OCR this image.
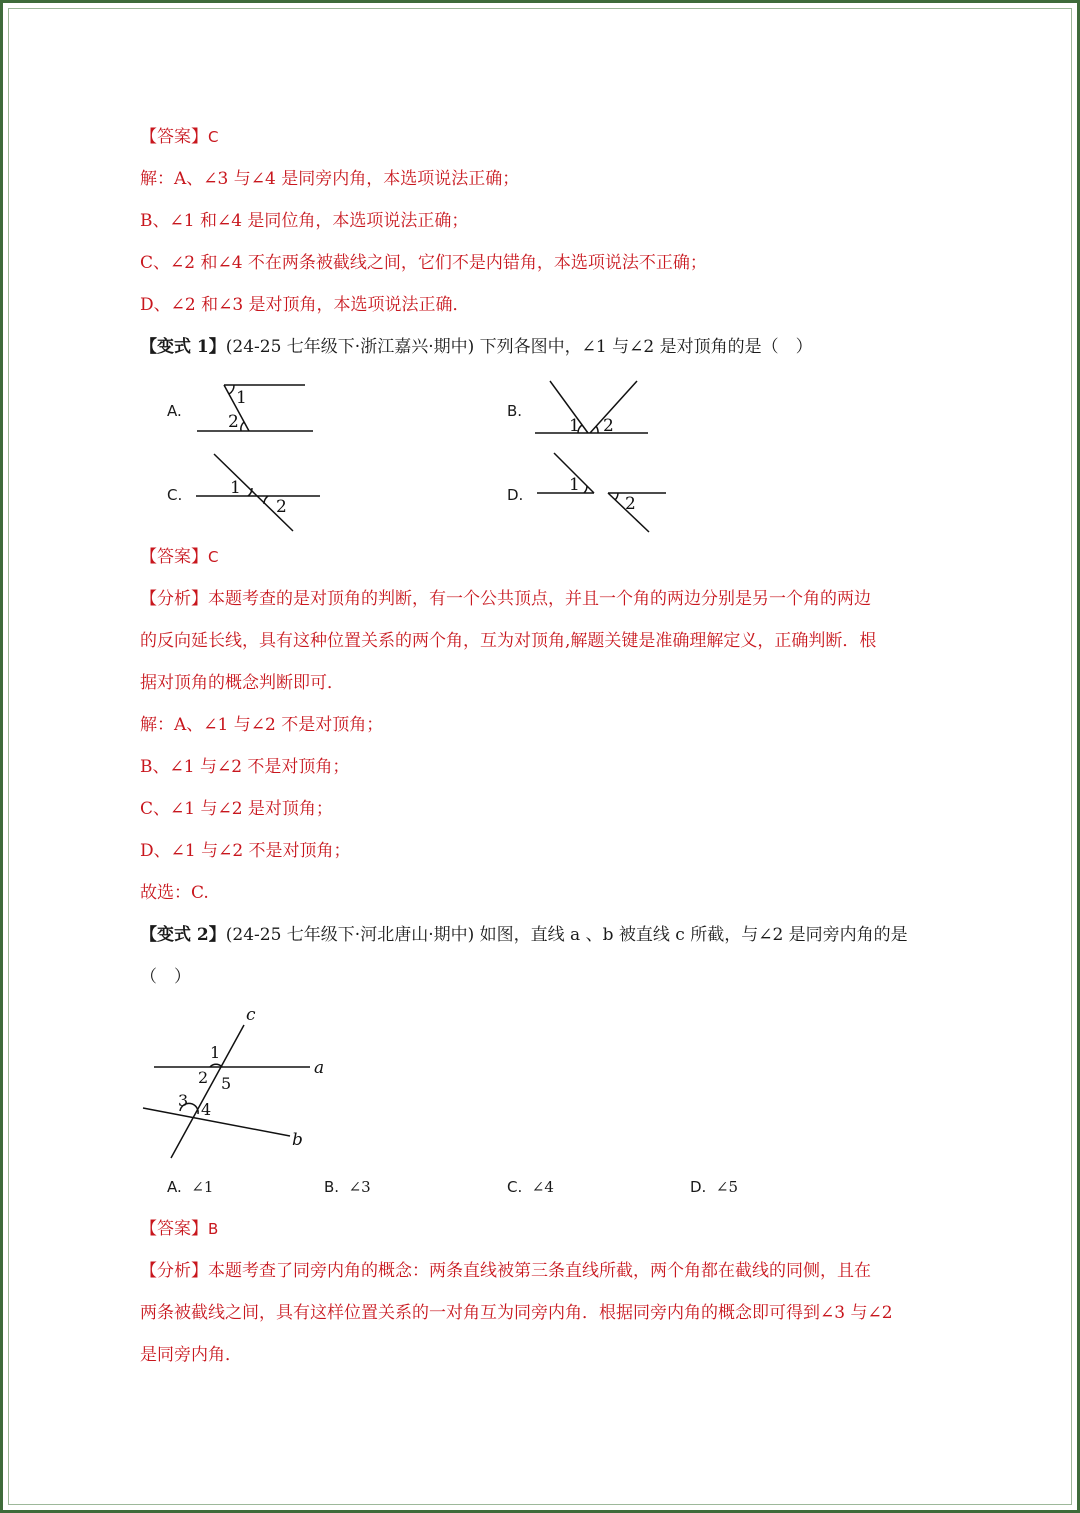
【答案】C
解：A、∠3 与∠4 是同旁内角，本选项说法正确；
B、∠1 和∠4 是同位角，本选项说法正确；
C、∠2 和∠4 不在两条被截线之间，它们不是内错角，本选项说法不正确；
D、∠2 和∠3 是对顶角，本选项说法正确．
【变式 1】(24-25 七年级下·浙江嘉兴·期中) 下列各图中，∠1 与∠2 是对顶角的是（　）
A.	B.
C.	D.
1
2	1 2
1
2
1
2
【答案】C
【分析】本题考查的是对顶角的判断，有一个公共顶点，并且一个角的两边分别是另一个角的两边
的反向延长线，具有这种位置关系的两个角，互为对顶角,解题关键是准确理解定义，正确判断．根
据对顶角的概念判断即可．
解：A、∠1 与∠2 不是对顶角；
B、∠1 与∠2 不是对顶角；
C、∠1 与∠2 是对顶角；
D、∠1 与∠2 不是对顶角；
故选：C.
【变式 2】(24-25 七年级下·河北唐山·期中) 如图，直线 a 、b 被直线 c 所截，与∠2 是同旁内角的是
（　）
c
a
b
1
2 5
3 4
A. ∠1	B. ∠3	C. ∠4	D. ∠5
【答案】B
【分析】本题考查了同旁内角的概念：两条直线被第三条直线所截，两个角都在截线的同侧，且在
两条被截线之间，具有这样位置关系的一对角互为同旁内角．根据同旁内角的概念即可得到∠3 与∠2
是同旁内角．
